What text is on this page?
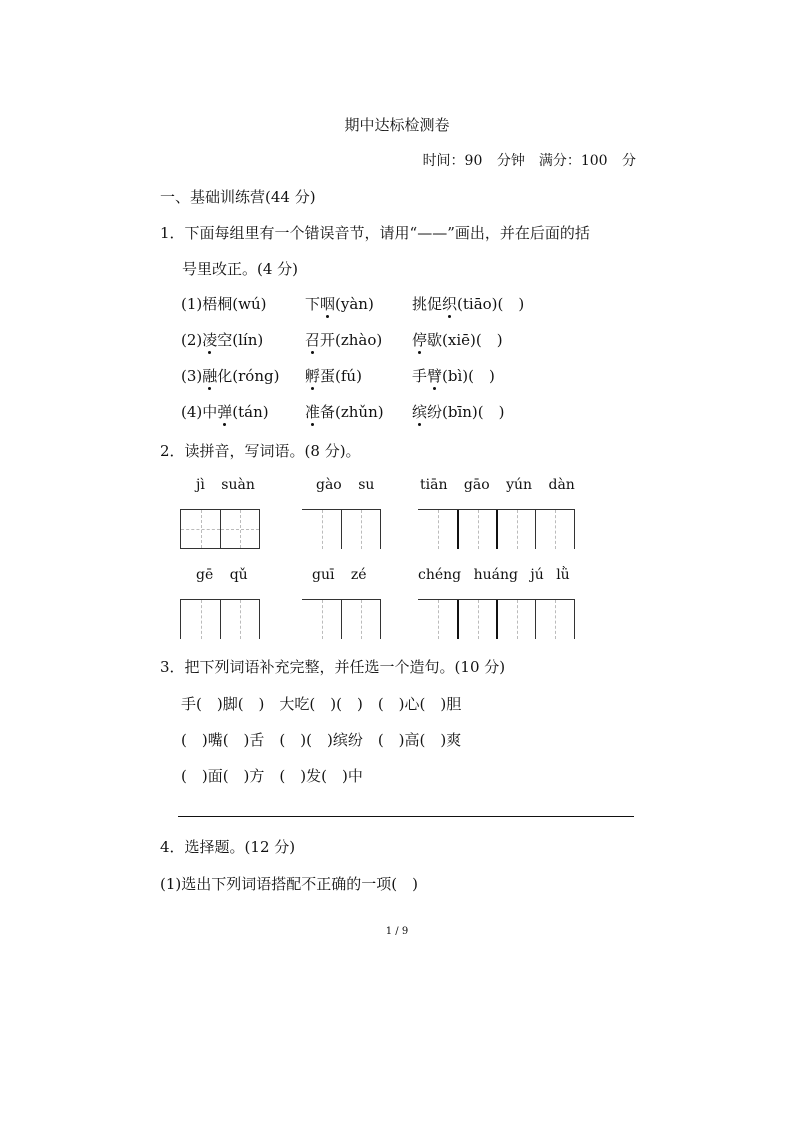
期中达标检测卷
时间：90 分钟　满分：100 分
一、基础训练营(44 分)
1．下面每组里有一个错误音节，请用“——”画出，并在后面的括
号里改正。(4 分)
(1)梧桐(wú)	下咽(yàn)	挑促织(tiāo)(　)
(2)凌空(lín)	召开(zhào) 停歇(xiē)(　)
(3)融化(róng) 孵蛋(fú)	手臂(bì)(　)
(4)中弹(tán) 准备(zhǔn) 缤纷(bīn)(　)
2．读拼音，写词语。(8 分)。
jì suàn	gào su	tiān gāo yún dàn
gē qǔ	guī zé	chéng huáng jú lǜ
3．把下列词语补充完整，并任选一个造句。(10 分)
手(　)脚(　)　大吃(　)(　)　(　)心(　)胆
(　)嘴(　)舌　(　)(　)缤纷　(　)高(　)爽
(　)面(　)方　(　)发(　)中
4．选择题。(12 分)
(1)选出下列词语搭配不正确的一项(　)
1 / 9
